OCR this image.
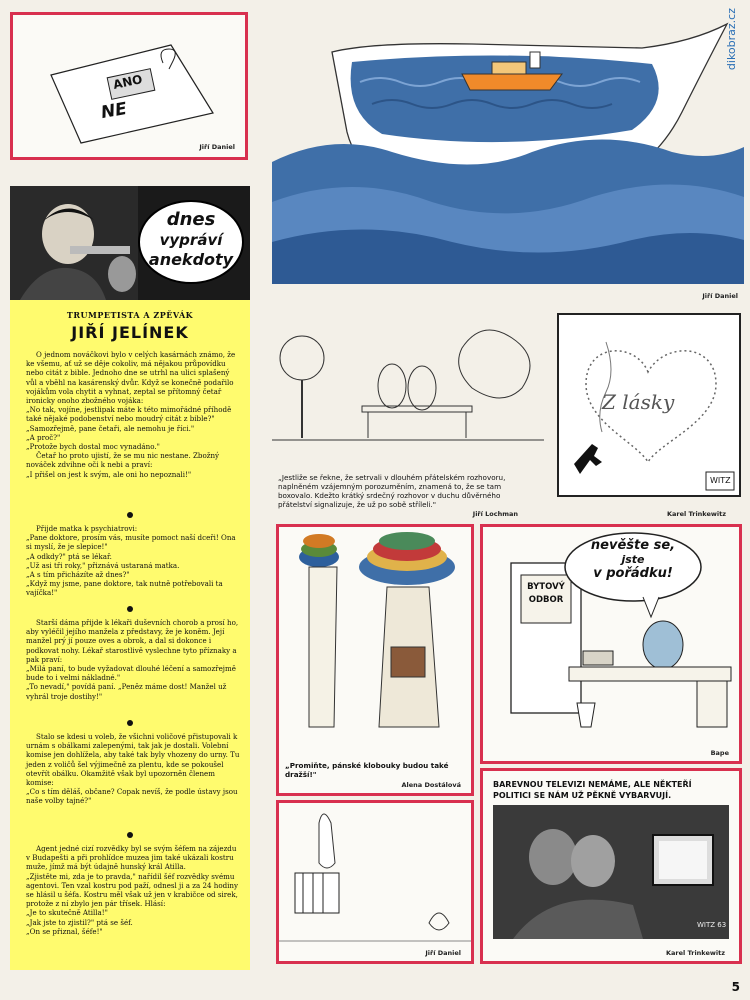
dikobraz.cz
5
ANO
NE
Jiří Daniel
Jiří Daniel
dnes
vypráví
anekdoty
TRUMPETISTA A ZPĚVÁK
JIŘÍ JELÍNEK

O jednom nováčkovi bylo v celých kasárnách známo, že ke všemu, ať už se děje cokoliv, má nějakou průpovídku nebo citát z bible. Jednoho dne se utrhl na ulici splašený vůl a vběhl na kasárenský dvůr. Když se konečně podařilo vojákům vola chytit a vyhnat, zeptal se přítomný četař ironicky onoho zbožného vojáka:

„No tak, vojíne, jestlipak máte k této mimořádné příhodě také nějaké podobenství nebo moudrý citát z bible?"

„Samozřejmě, pane četaři, ale nemohu je říci."

„A proč?"

„Protože bych dostal moc vynadáno."

Četař ho proto ujistí, že se mu nic nestane. Zbožný nováček zdvihne oči k nebi a praví:

„I přišel on jest k svým, ale oni ho nepoznali!"

Přijde matka k psychiatrovi:

„Pane doktore, prosím vás, musíte pomoct naší dceři! Ona si myslí, že je slepice!"

„A odkdy?" ptá se lékař.

„Už asi tři roky," přiznává ustaraná matka.

„A s tím přicházíte až dnes?"

„Když my jsme, pane doktore, tak nutně potřebovali ta vajíčka!"

Starší dáma přijde k lékaři duševních chorob a prosí ho, aby vyléčil jejího manžela z představy, že je koněm. Její manžel prý jí pouze oves a obrok, a dal si dokonce i podkovat nohy. Lékař starostlivě vyslechne tyto příznaky a pak praví:

„Milá paní, to bude vyžadovat dlouhé léčení a samozřejmě bude to i velmi nákladné."

„To nevadí," povídá paní. „Peněz máme dost! Manžel už vyhrál troje dostihy!"

Stalo se kdesi u voleb, že všichni voličové přistupovali k urnám s obálkami zalepenými, tak jak je dostali. Volební komise jen dohlížela, aby také tak byly vhozeny do urny. Tu jeden z voličů šel výjimečně za plentu, kde se pokoušel otevřít obálku. Okamžitě však byl upozorněn členem komise:

„Co s tím děláš, občane? Copak nevíš, že podle ústavy jsou naše volby tajné?"

Agent jedné cizí rozvědky byl se svým šéfem na zájezdu v Budapešti a při prohlídce muzea jim také ukázali kostru muže, jímž má být údajně hunský král Atilla.

„Zjistěte mi, zda je to pravda," nařídil šéf rozvědky svému agentovi. Ten vzal kostru pod paží, odnesl ji a za 24 hodiny se hlásil u šéfa. Kostru měl však už jen v krabičce od sirek, protože z ní zbylo jen pár třísek. Hlásí:

„Je to skutečně Atilla!"

„Jak jste to zjistil?" ptá se šéf.

„On se přiznal, šéfe!"

„Jestliže se řekne, že setrvali v dlouhém přátelském rozhovoru, naplněném vzájemným porozuměním, znamená to, že se tam boxovalo. Kdežto krátký srdečný rozhovor v duchu důvěrného přátelství signalizuje, že už po sobě stříleli."
Jiří Lochman
Z lásky
WITZ
Karel Trinkewitz
„Promiňte, pánské klobouky budou také dražší!"
Alena Dostálová
BYTOVÝ
ODBOR
nevěšte se,
jste
v pořádku!
Bape
Jiří Daniel
BAREVNOU TELEVIZI NEMÁME, ALE NĚKTEŘÍ POLITICI SE NÁM UŽ PĚKNĚ VYBARVUJÍ.
WITZ 63
Karel Trinkewitz
